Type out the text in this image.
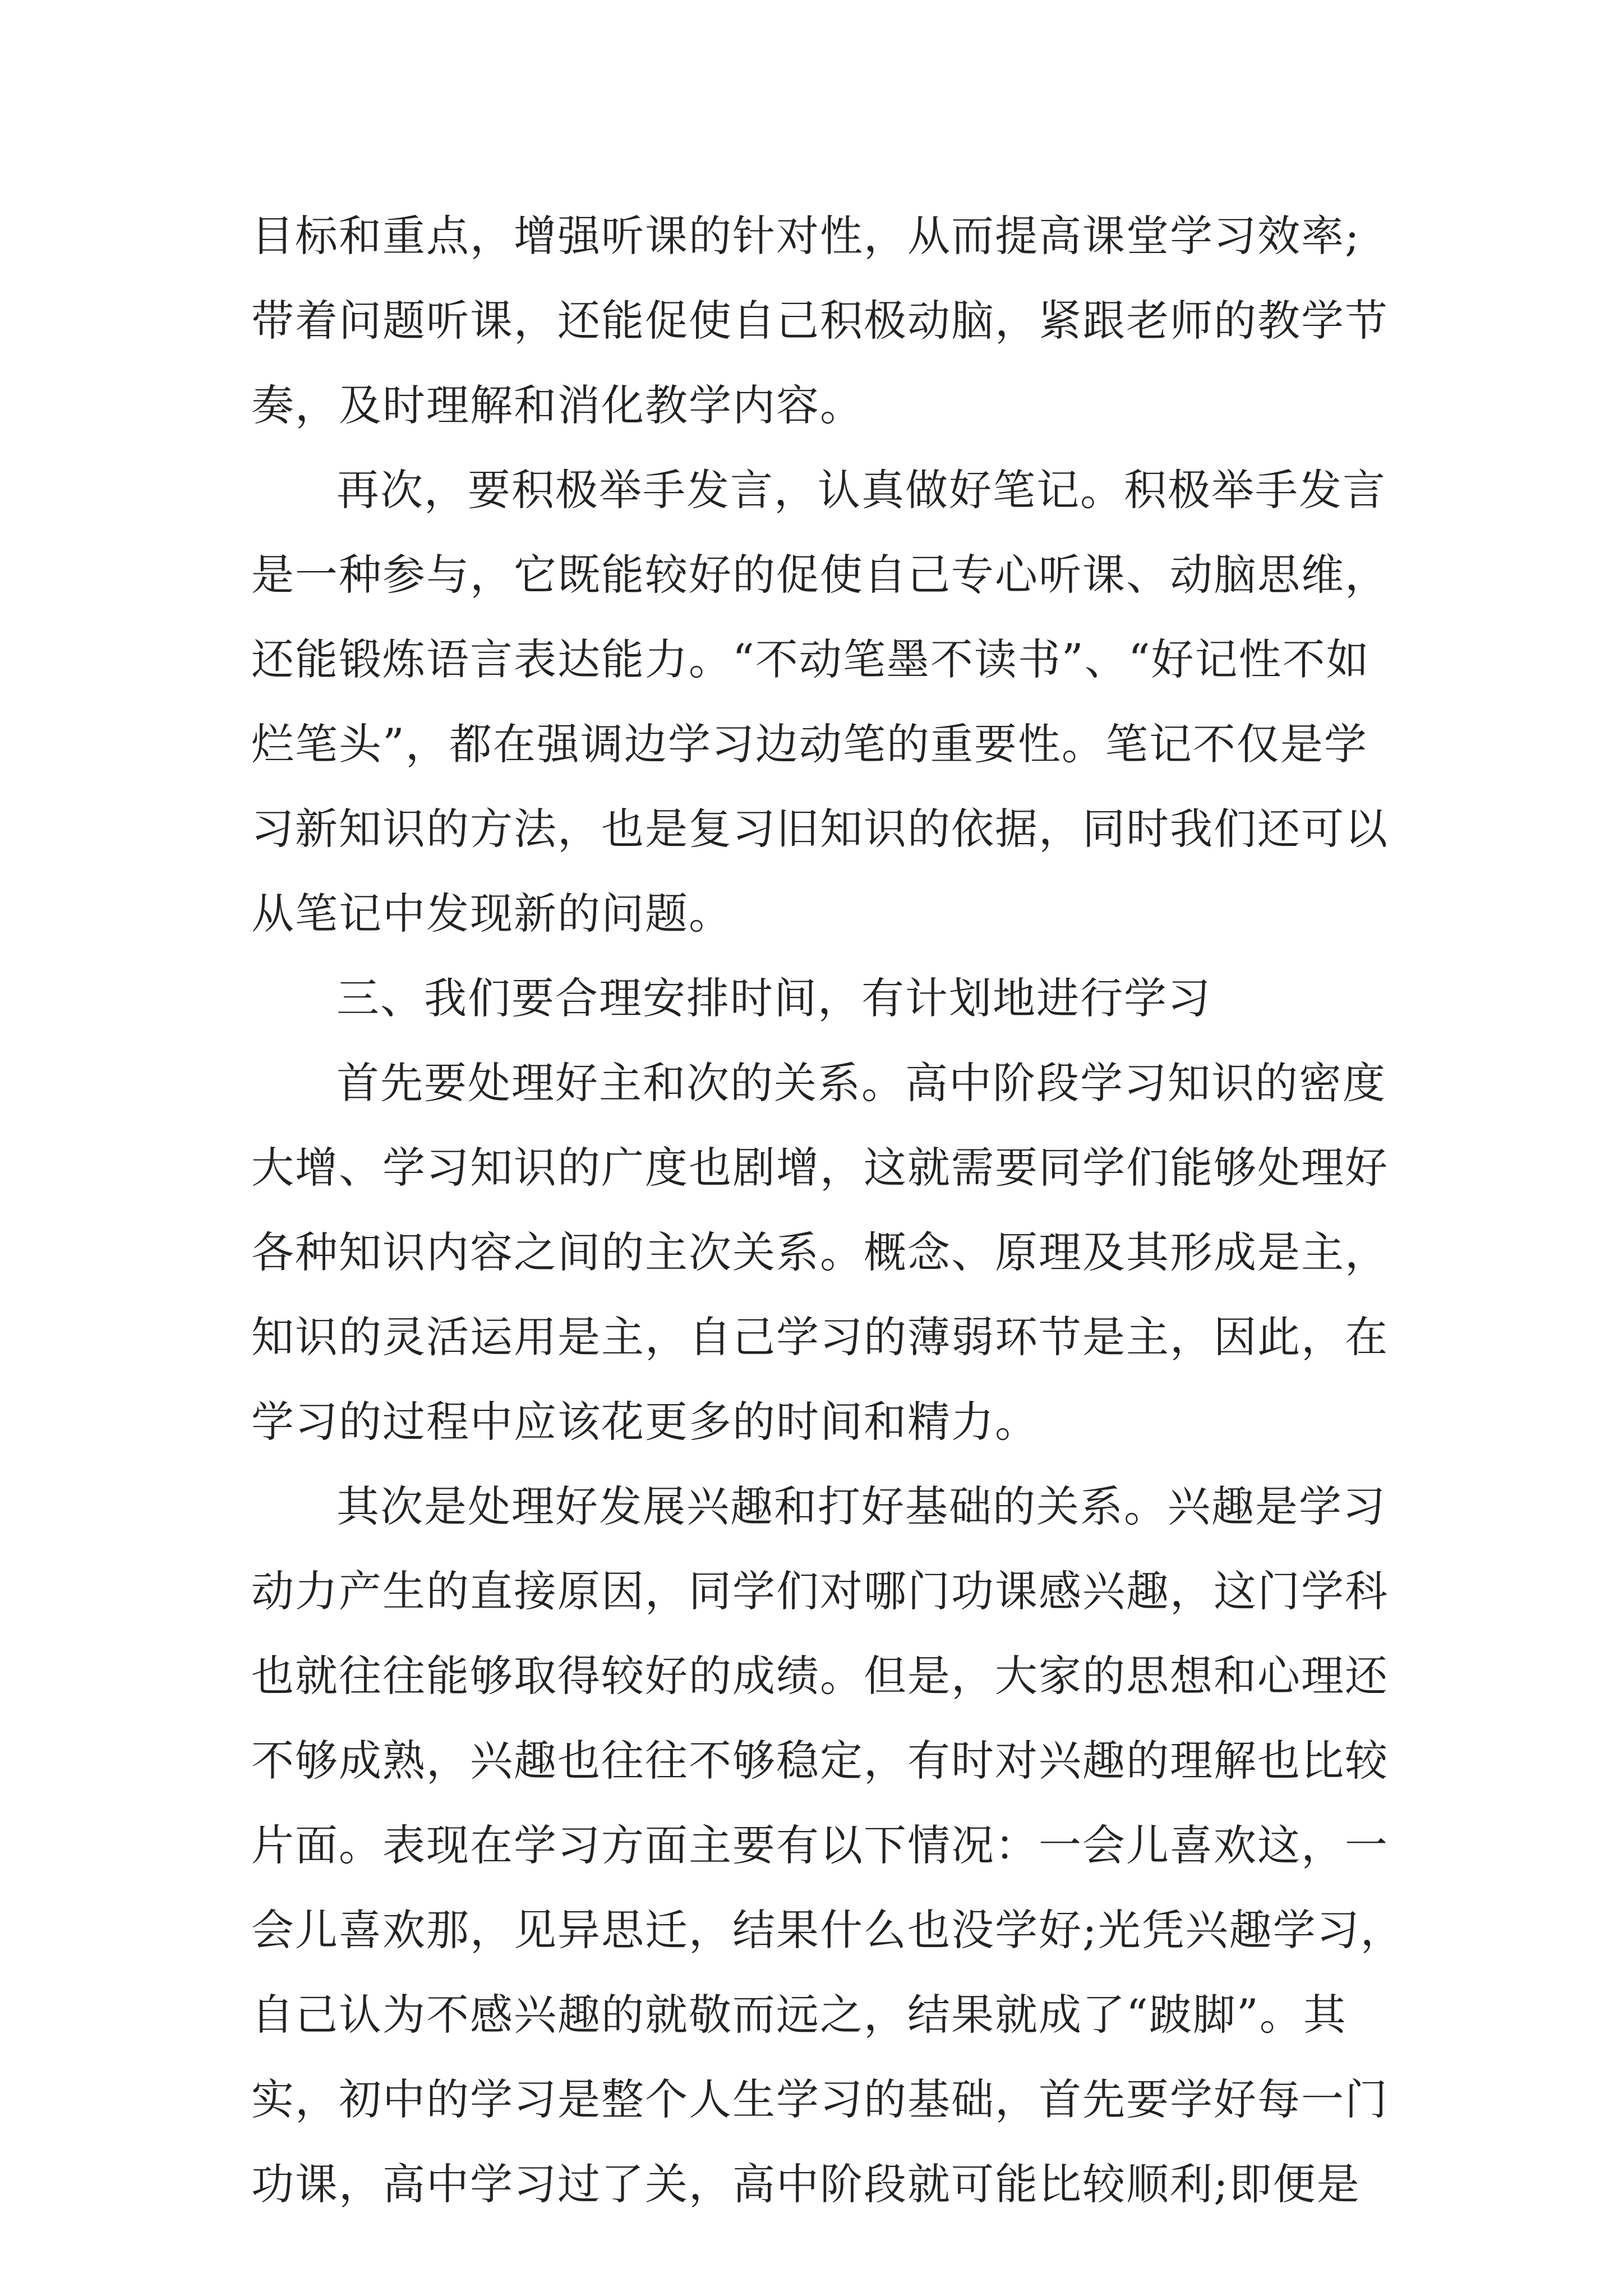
目标和重点，增强听课的针对性，从而提高课堂学习效率;
带着问题听课，还能促使自己积极动脑，紧跟老师的教学节
奏，及时理解和消化教学内容。
再次，要积极举手发言，认真做好笔记。积极举手发言
是一种参与，它既能较好的促使自己专心听课、动脑思维，
还能锻炼语言表达能力。“不动笔墨不读书”、“好记性不如
烂笔头”，都在强调边学习边动笔的重要性。笔记不仅是学
习新知识的方法，也是复习旧知识的依据，同时我们还可以
从笔记中发现新的问题。
三、我们要合理安排时间，有计划地进行学习
首先要处理好主和次的关系。高中阶段学习知识的密度
大增、学习知识的广度也剧增，这就需要同学们能够处理好
各种知识内容之间的主次关系。概念、原理及其形成是主，
知识的灵活运用是主，自己学习的薄弱环节是主，因此，在
学习的过程中应该花更多的时间和精力。
其次是处理好发展兴趣和打好基础的关系。兴趣是学习
动力产生的直接原因，同学们对哪门功课感兴趣，这门学科
也就往往能够取得较好的成绩。但是，大家的思想和心理还
不够成熟，兴趣也往往不够稳定，有时对兴趣的理解也比较
片面。表现在学习方面主要有以下情况：一会儿喜欢这，一
会儿喜欢那，见异思迁，结果什么也没学好;光凭兴趣学习，
自己认为不感兴趣的就敬而远之，结果就成了“跛脚”。其
实，初中的学习是整个人生学习的基础，首先要学好每一门
功课，高中学习过了关，高中阶段就可能比较顺利;即便是
